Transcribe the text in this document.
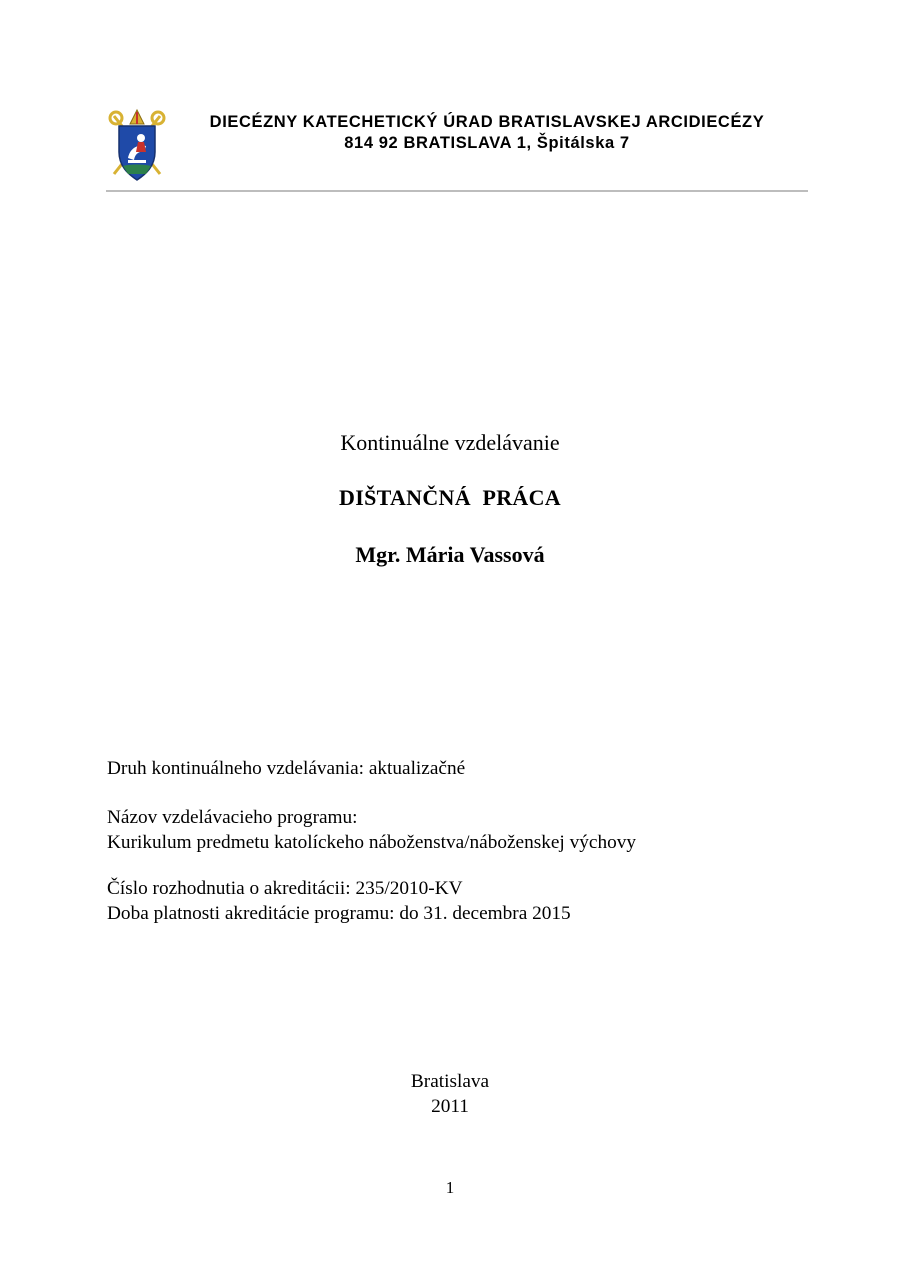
DIECÉZNY KATECHETICKÝ ÚRAD BRATISLAVSKEJ ARCIDIECÉZY
814 92 BRATISLAVA 1, Špitálska 7
Kontinuálne vzdelávanie
DIŠTANČNÁ  PRÁCA
Mgr. Mária Vassová
Druh kontinuálneho vzdelávania: aktualizačné
Názov vzdelávacieho programu:
Kurikulum predmetu katolíckeho náboženstva/náboženskej výchovy
Číslo rozhodnutia o akreditácii: 235/2010-KV
Doba platnosti akreditácie programu: do 31. decembra 2015
Bratislava
2011
1
